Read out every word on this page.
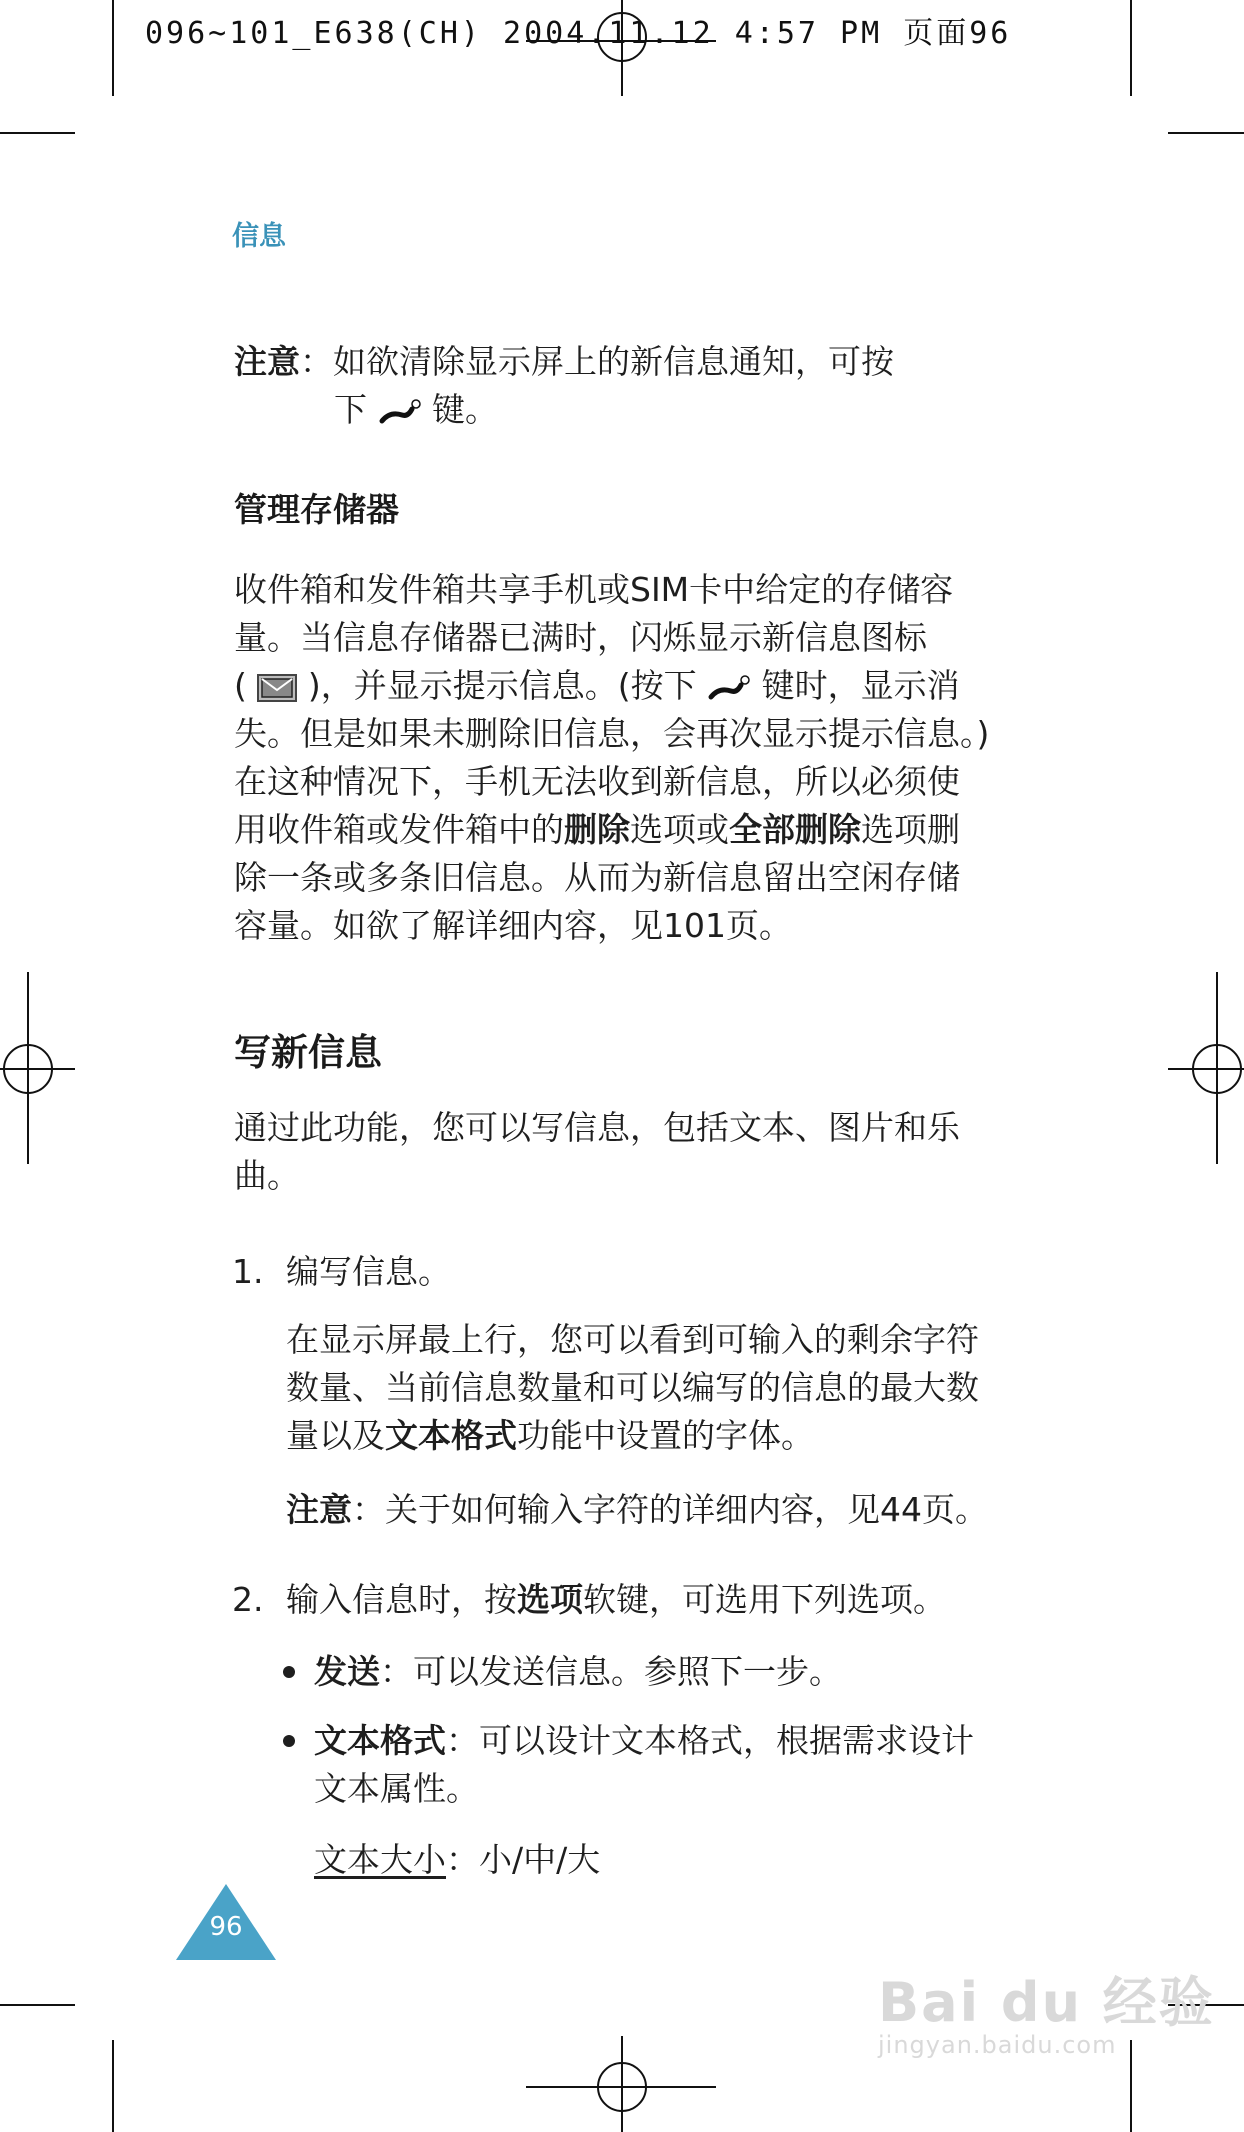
096~101_E638(CH) 2004.11.12 4:57 PM 页面96
信息
注意：如欲清除显示屏上的新信息通知，可按
下 键。
管理存储器
收件箱和发件箱共享手机或SIM卡中给定的存储容
量。当信息存储器已满时，闪烁显示新信息图标
( )，并显示提示信息。(按下 键时，显示消
失。但是如果未删除旧信息，会再次显示提示信息。)
在这种情况下，手机无法收到新信息，所以必须使
用收件箱或发件箱中的删除选项或全部删除选项删
除一条或多条旧信息。从而为新信息留出空闲存储
容量。如欲了解详细内容，见101页。
写新信息
通过此功能，您可以写信息，包括文本、图片和乐
曲。
1. 编写信息。
在显示屏最上行，您可以看到可输入的剩余字符
数量、当前信息数量和可以编写的信息的最大数
量以及文本格式功能中设置的字体。
注意：关于如何输入字符的详细内容，见44页。
2. 输入信息时，按选项软键，可选用下列选项。
发送：可以发送信息。参照下一步。
文本格式：可以设计文本格式，根据需求设计
文本属性。
文本大小：小/中/大
96
Bai du 经验
jingyan.baidu.com
